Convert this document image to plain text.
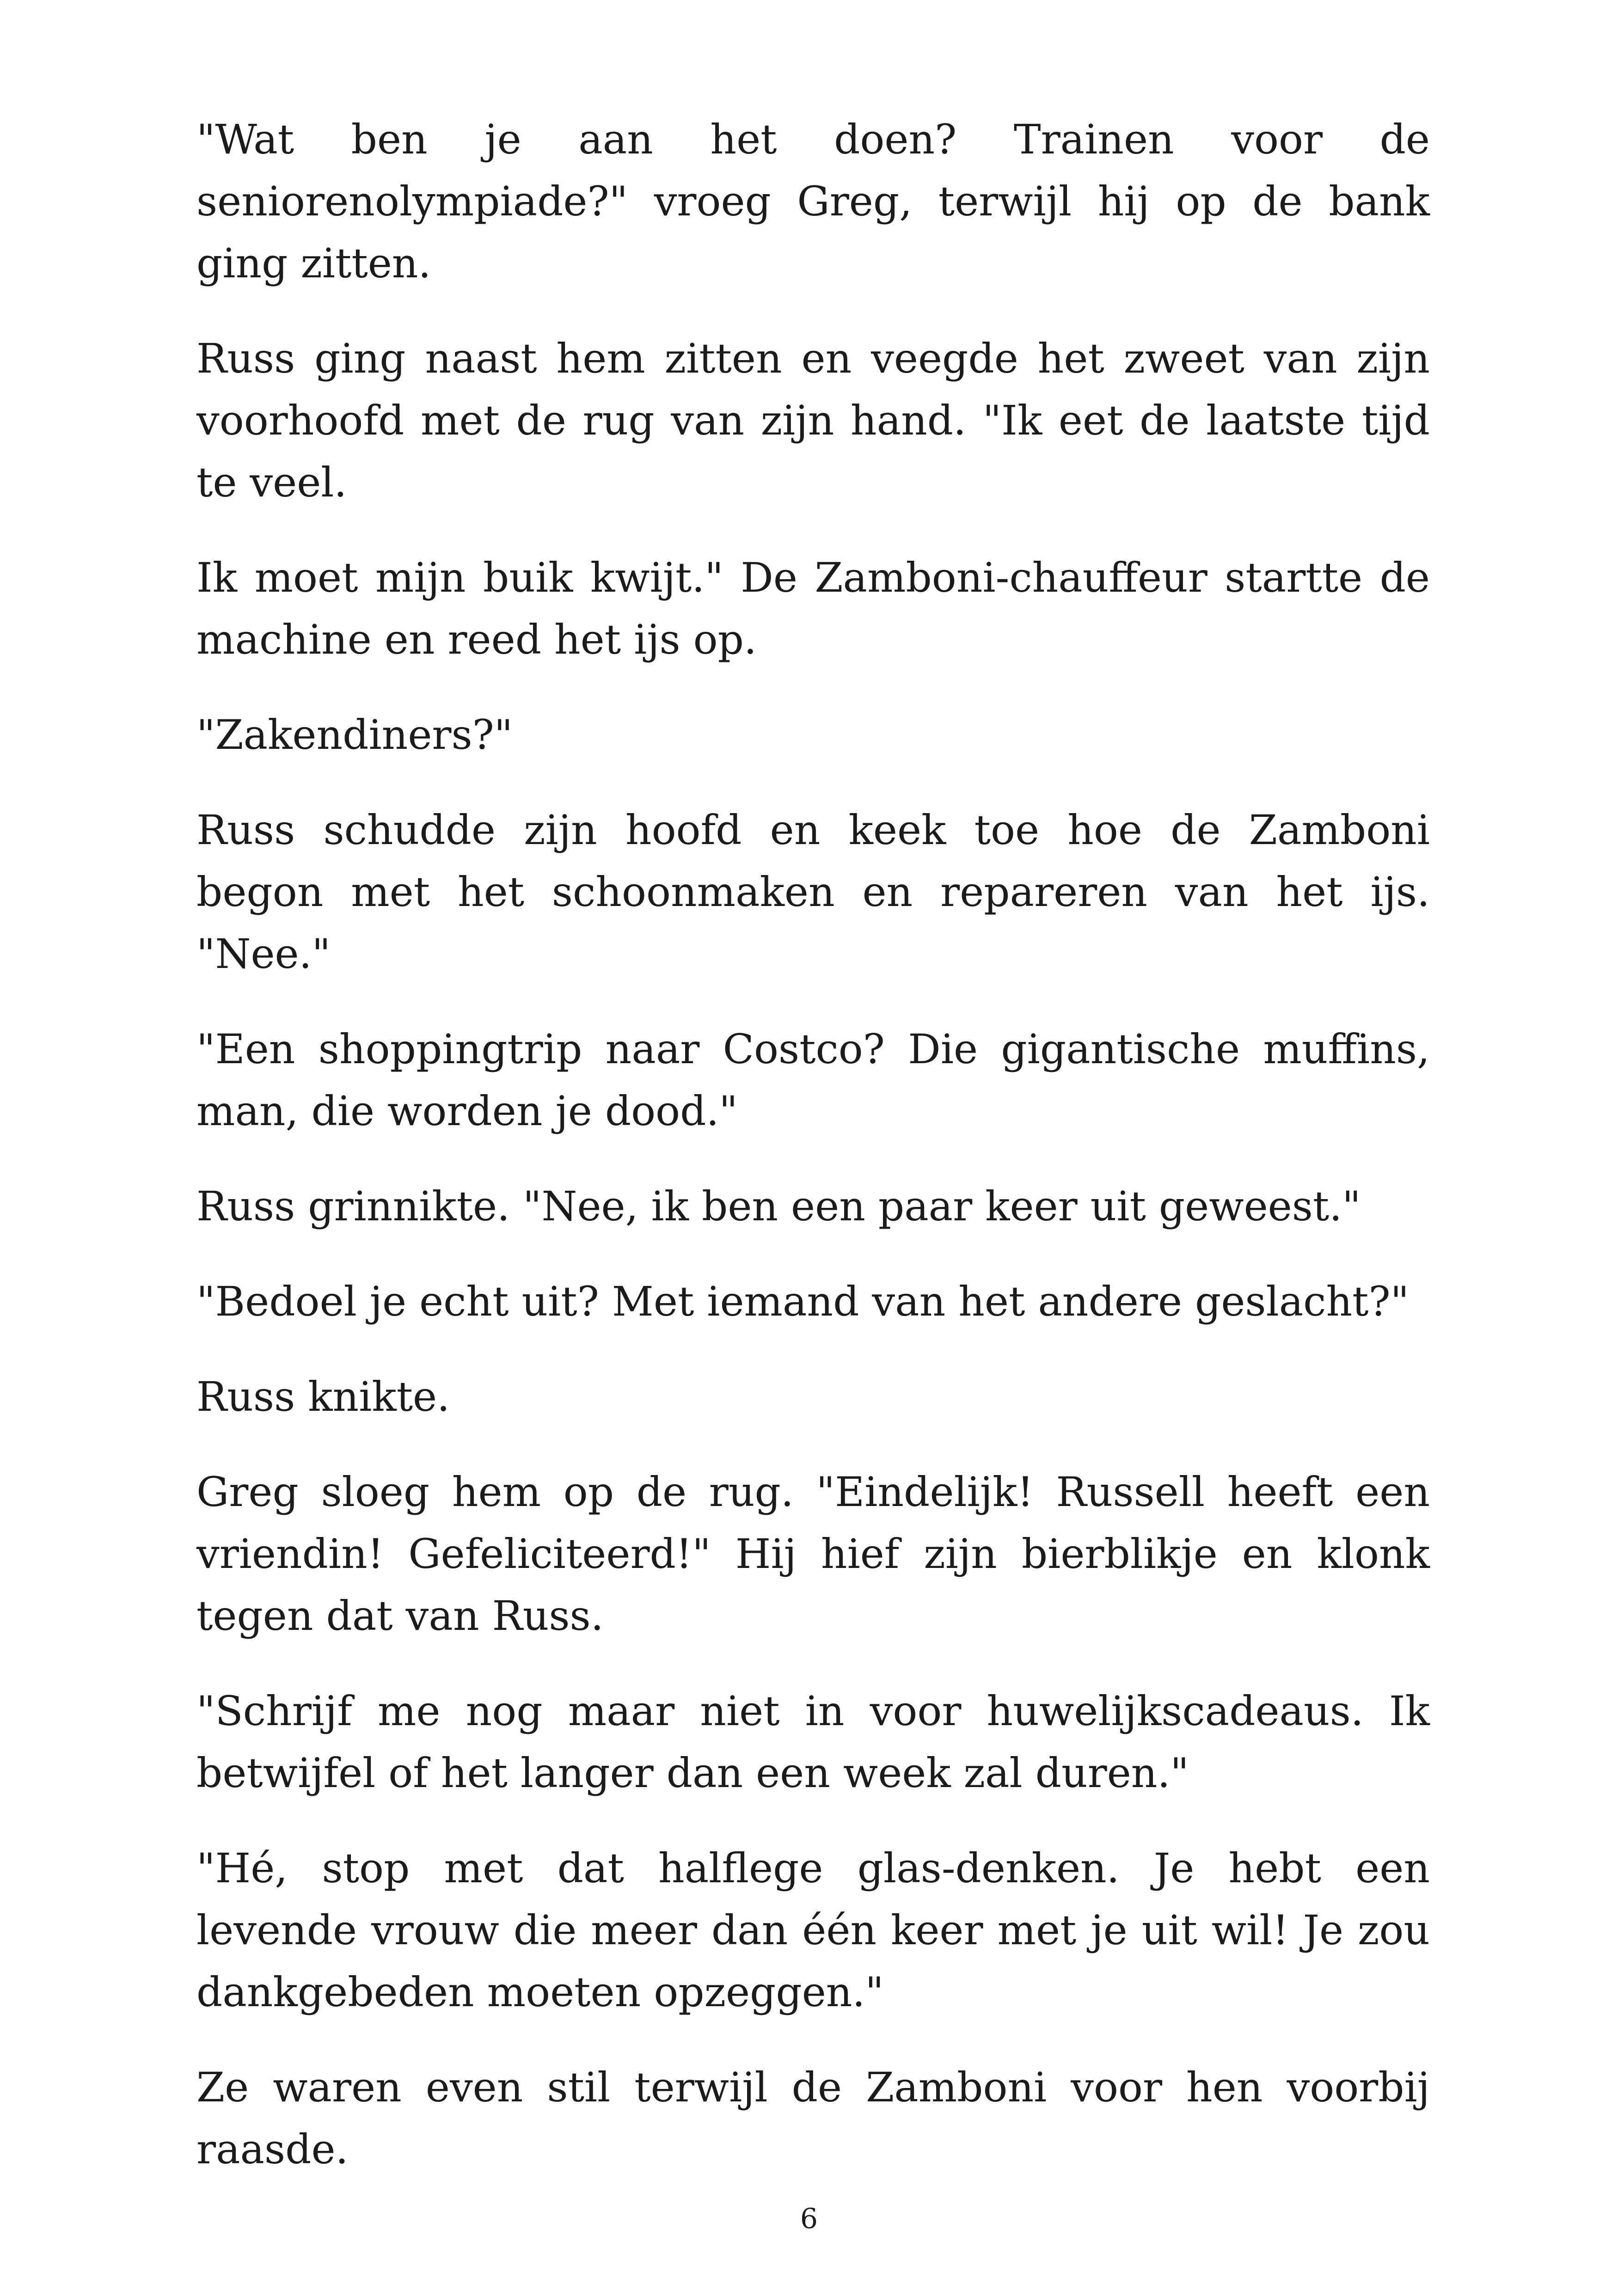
"Wat ben je aan het doen? Trainen voor de seniorenolympiade?" vroeg Greg, terwijl hij op de bank ging zitten.

Russ ging naast hem zitten en veegde het zweet van zijn voorhoofd met de rug van zijn hand. "Ik eet de laatste tijd te veel.

Ik moet mijn buik kwijt." De Zamboni-chauffeur startte de machine en reed het ijs op.

"Zakendiners?"

Russ schudde zijn hoofd en keek toe hoe de Zamboni begon met het schoonmaken en repareren van het ijs. "Nee."

"Een shoppingtrip naar Costco? Die gigantische muffins, man, die worden je dood."

Russ grinnikte. "Nee, ik ben een paar keer uit geweest."

"Bedoel je echt uit? Met iemand van het andere geslacht?"

Russ knikte.

Greg sloeg hem op de rug. "Eindelijk! Russell heeft een vriendin! Gefeliciteerd!" Hij hief zijn bierblikje en klonk tegen dat van Russ.

"Schrijf me nog maar niet in voor huwelijkscadeaus. Ik betwijfel of het langer dan een week zal duren."

"Hé, stop met dat halflege glas-denken. Je hebt een levende vrouw die meer dan één keer met je uit wil! Je zou dankgebeden moeten opzeggen."

Ze waren even stil terwijl de Zamboni voor hen voorbij raasde.

6
